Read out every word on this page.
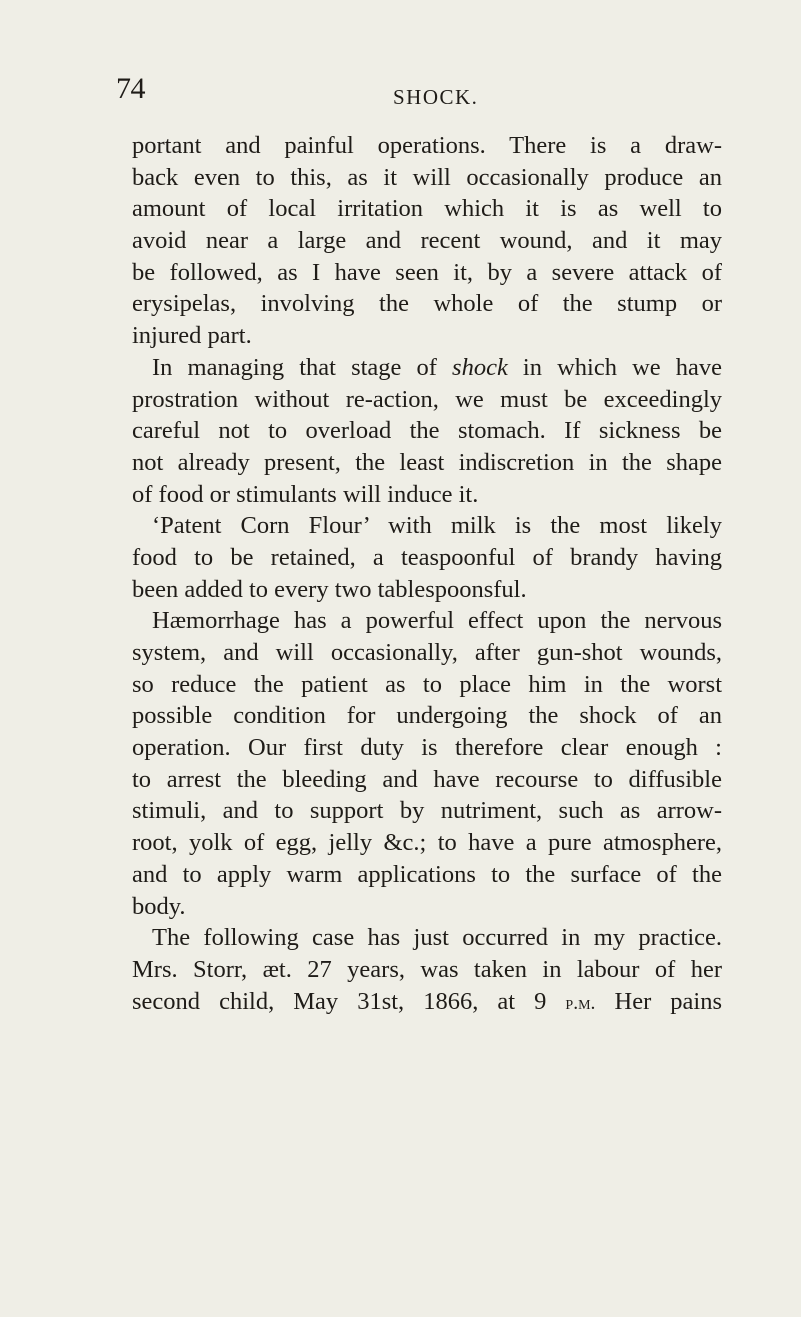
74	SHOCK.
portant and painful operations. There is a draw-
back even to this, as it will occasionally produce an
amount of local irritation which it is as well to
avoid near a large and recent wound, and it may
be followed, as I have seen it, by a severe attack of
erysipelas, involving the whole of the stump or
injured part.
In managing that stage of shock in which we have
prostration without re-action, we must be exceedingly
careful not to overload the stomach. If sickness be
not already present, the least indiscretion in the shape
of food or stimulants will induce it.
‘Patent Corn Flour’ with milk is the most likely
food to be retained, a teaspoonful of brandy having
been added to every two tablespoonsful.
Hæmorrhage has a powerful effect upon the nervous
system, and will occasionally, after gun-shot wounds,
so reduce the patient as to place him in the worst
possible condition for undergoing the shock of an
operation. Our first duty is therefore clear enough :
to arrest the bleeding and have recourse to diffusible
stimuli, and to support by nutriment, such as arrow-
root, yolk of egg, jelly &c.; to have a pure atmosphere,
and to apply warm applications to the surface of the
body.
The following case has just occurred in my practice.
Mrs. Storr, æt. 27 years, was taken in labour of her
second child, May 31st, 1866, at 9 p.m. Her pains
